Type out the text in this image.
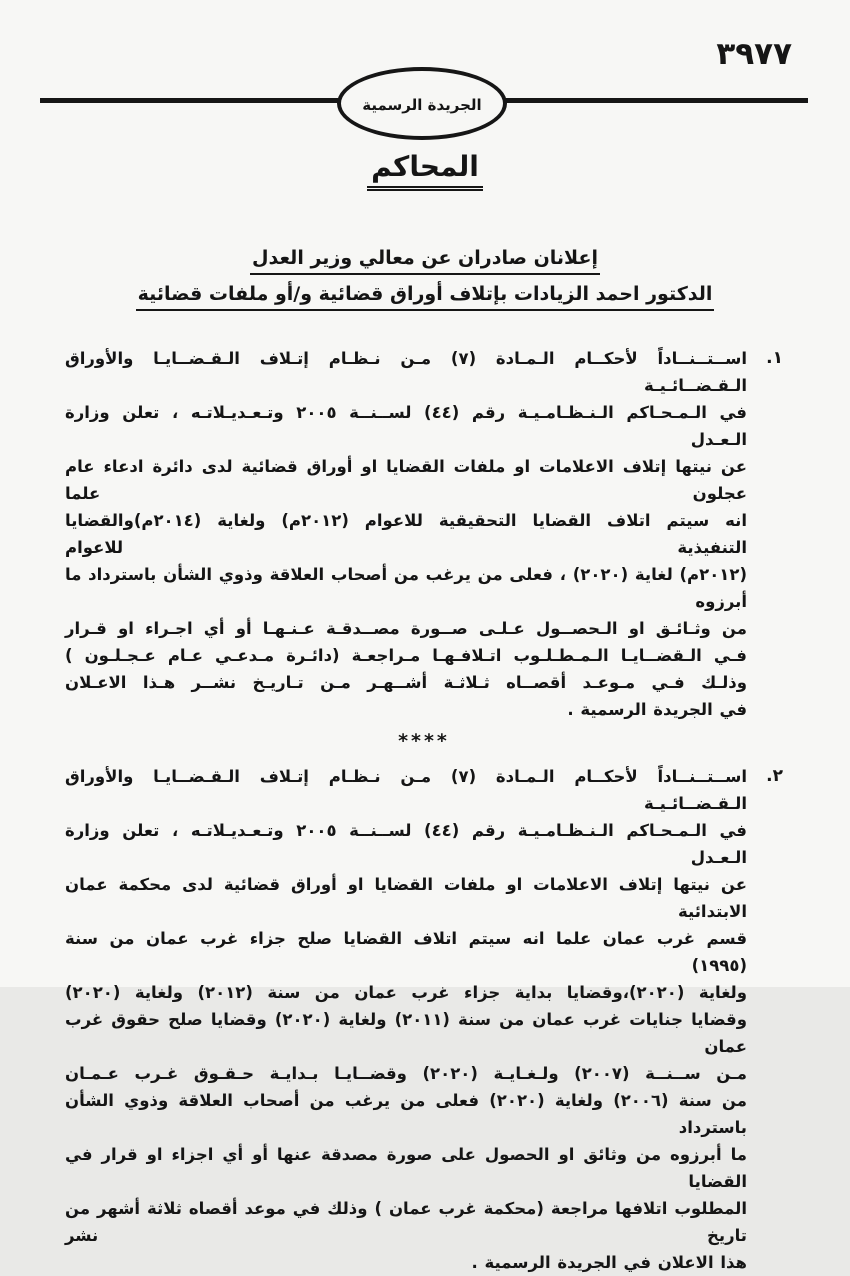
٣٩٧٧
الجريدة الرسمية
المحاكم
إعلانان صادران عن معالي وزير العدل
الدكتور احمد الزيادات بإتلاف أوراق قضائية و/أو ملفات قضائية
١.
اســتــنــاداً لأحكــام الـمـادة (٧) مـن نـظـام إتـلاف الـقـضــايـا والأوراق الـقـضــائـيـة
في الـمـحـاكم الـنـظـامـيـة رقم (٤٤) لســنــة ٢٠٠٥ وتـعـديـلاتـه ، تعلن وزارة الـعـدل
عن نيتها إتلاف الاعلامات او ملفات القضايا او أوراق قضائية لدى دائرة ادعاء عام عجلون علما
انه سيتم اتلاف القضايا التحقيقية للاعوام (٢٠١٢م) ولغاية (٢٠١٤م)والقضايا التنفيذية للاعوام
(٢٠١٢م) لغاية (٢٠٢٠) ، فعلى من يرغب من أصحاب العلاقة وذوي الشأن باسترداد ما أبرزوه
من وثـائـق او الـحصــول عـلـى صــورة مصــدقـة عـنـهـا أو أي اجـراء او قـرار
فـي الـقضــايـا الـمـطـلـوب اتـلافـهـا مـراجعـة (دائـرة مـدعـي عـام عـجـلـون )
وذلـك فـي مـوعـد أقصــاه ثـلاثـة أشــهـر مـن تـاريـخ نشــر هـذا الاعـلان
في الجريدة الرسمية .
****
٢.
اســتــنــاداً لأحكــام الـمـادة (٧) مـن نـظـام إتـلاف الـقـضــايـا والأوراق الـقـضــائـيـة
في الـمـحـاكم الـنـظـامـيـة رقم (٤٤) لســنــة ٢٠٠٥ وتـعـديـلاتـه ، تعلن وزارة الـعـدل
عن نيتها إتلاف الاعلامات او ملفات القضايا او أوراق قضائية لدى محكمة عمان الابتدائية
قسم غرب عمان علما انه سيتم اتلاف القضايا صلح جزاء غرب عمان من سنة (١٩٩٥)
ولغاية (٢٠٢٠)،وقضايا بداية جزاء غرب عمان من سنة (٢٠١٢) ولغاية (٢٠٢٠)
وقضايا جنايات غرب عمان من سنة (٢٠١١) ولغاية (٢٠٢٠) وقضايا صلح حقوق غرب عمان
مـن ســنــة (٢٠٠٧) ولـغـايـة (٢٠٢٠) وقضــايـا بـدايـة حـقـوق غـرب عـمـان
من سنة (٢٠٠٦) ولغاية (٢٠٢٠) فعلى من يرغب من أصحاب العلاقة وذوي الشأن باسترداد
ما أبرزوه من وثائق او الحصول على صورة مصدقة عنها أو أي اجزاء او قرار في القضايا
المطلوب اتلافها مراجعة (محكمة غرب عمان ) وذلك في موعد أقصاه ثلاثة أشهر من تاريخ نشر
هذا الاعلان في الجريدة الرسمية .
